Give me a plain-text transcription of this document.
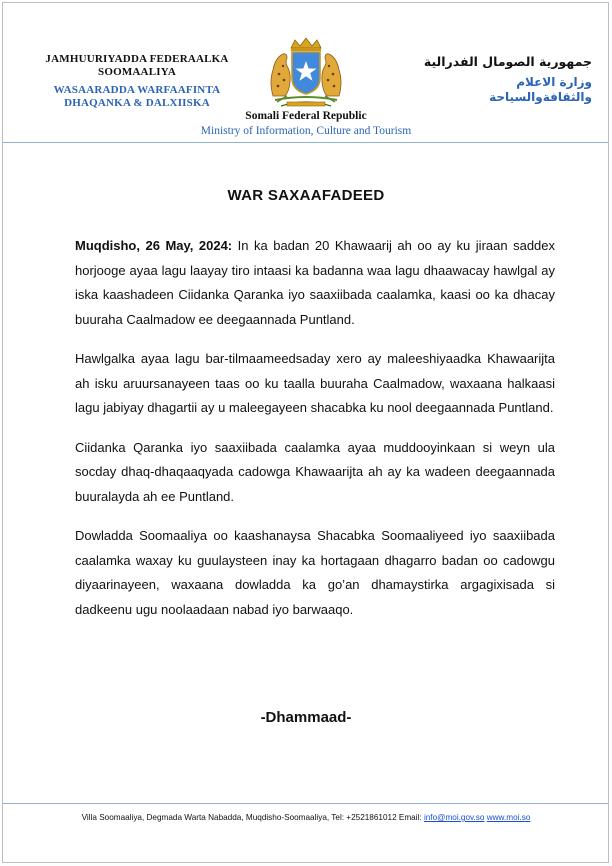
JAMHUURIYADDA FEDERAALKA
SOOMAALIYA
WASAARADDA WARFAAFINTA
DHAQANKA & DALXIISKA
جمهورية الصومال الفدرالية
وزارة الاعلام
والثقافةوالسياحة
Somali Federal Republic
Ministry of Information, Culture and Tourism
WAR SAXAAFADEED

Muqdisho, 26 May, 2024: In ka badan 20 Khawaarij ah oo ay ku jiraan saddex horjooge ayaa lagu laayay tiro intaasi ka badanna waa lagu dhaawacay hawlgal ay iska kaashadeen Ciidanka Qaranka iyo saaxiibada caalamka, kaasi oo ka dhacay buuraha Caalmadow ee deegaannada Puntland.

Hawlgalka ayaa lagu bar-tilmaameedsaday xero ay maleeshiyaadka Khawaarijta ah isku aruursanayeen taas oo ku taalla buuraha Caalmadow, waxaana halkaasi lagu jabiyay dhagartii ay u maleegayeen shacabka ku nool deegaannada Puntland.

Ciidanka Qaranka iyo saaxiibada caalamka ayaa muddooyinkaan si weyn ula socday dhaq-dhaqaaqyada cadowga Khawaarijta ah ay ka wadeen deegaannada buuralayda ah ee Puntland.

Dowladda Soomaaliya oo kaashanaysa Shacabka Soomaaliyeed iyo saaxiibada caalamka waxay ku guulaysteen inay ka hortagaan dhagarro badan oo cadowgu diyaarinayeen, waxaana dowladda ka go’an dhamaystirka argagixisada si dadkeenu ugu noolaadaan nabad iyo barwaaqo.

-Dhammaad-
Villa Soomaaliya, Degmada Warta Nabadda, Muqdisho-Soomaaliya, Tel: +2521861012 Email: info@moi.gov.so www.moi.so
